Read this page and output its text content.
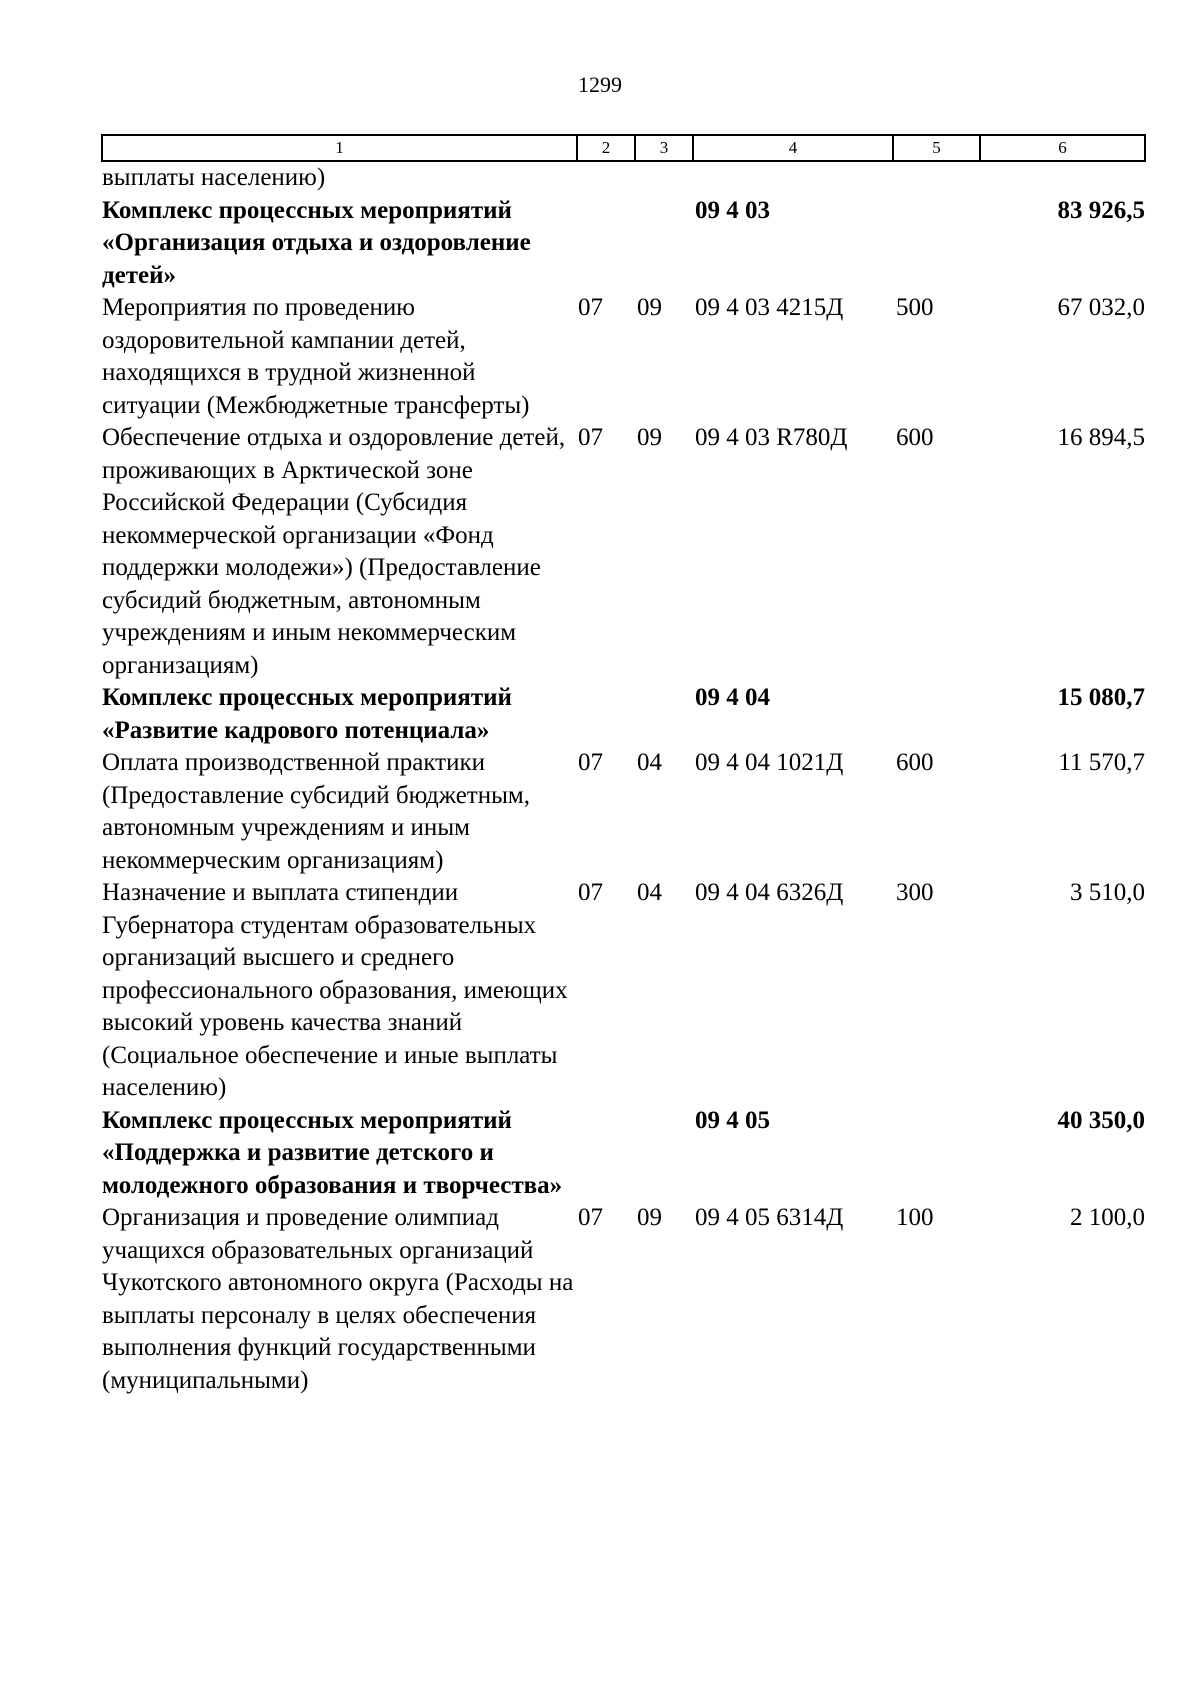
1299
1	2	3	4	5	6
выплаты населению)					
Комплекс процессных мероприятий «Организация отдыха и оздоровление детей»			09 4 03		83 926,5
Мероприятия по проведению оздоровительной кампании детей, находящихся в трудной жизненной ситуации (Межбюджетные трансферты)	07	09	09 4 03 4215Д	500	67 032,0
Обеспечение отдыха и оздоровление детей, проживающих в Арктической зоне Российской Федерации (Субсидия некоммерческой организации «Фонд поддержки молодежи») (Предоставление субсидий бюджетным, автономным учреждениям и иным некоммерческим организациям)	07	09	09 4 03 R780Д	600	16 894,5
Комплекс процессных мероприятий «Развитие кадрового потенциала»			09 4 04		15 080,7
Оплата производственной практики (Предоставление субсидий бюджетным, автономным учреждениям и иным некоммерческим организациям)	07	04	09 4 04 1021Д	600	11 570,7
Назначение и выплата стипендии Губернатора студентам образовательных организаций высшего и среднего профессионального образования, имеющих высокий уровень качества знаний (Социальное обеспечение и иные выплаты населению)	07	04	09 4 04 6326Д	300	3 510,0
Комплекс процессных мероприятий «Поддержка и развитие детского и молодежного образования и творчества»			09 4 05		40 350,0
Организация и проведение олимпиад учащихся образовательных организаций Чукотского автономного округа (Расходы на выплаты персоналу в целях обеспечения выполнения функций государственными (муниципальными)	07	09	09 4 05 6314Д	100	2 100,0
